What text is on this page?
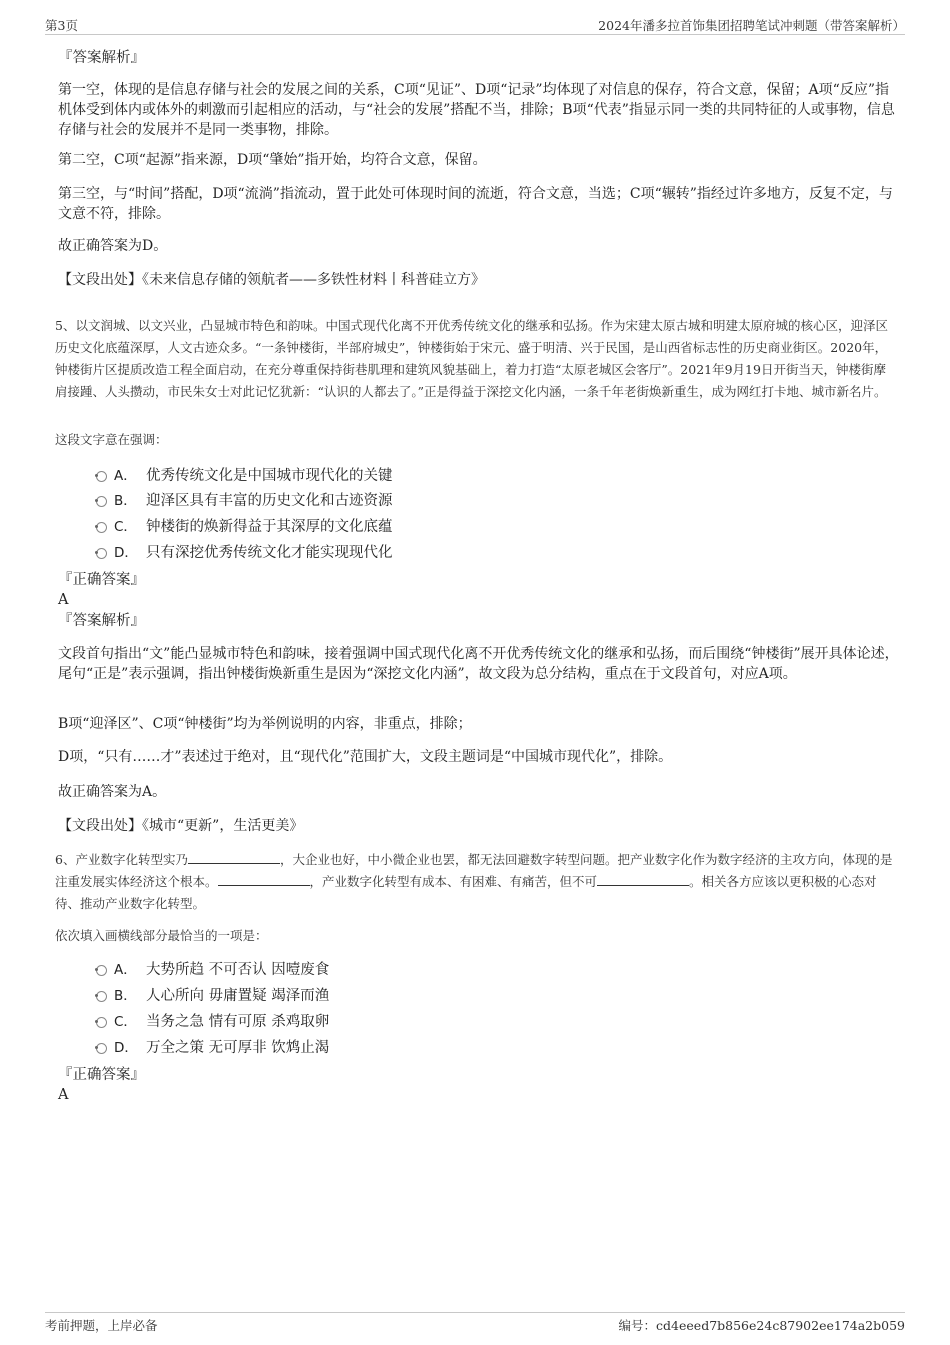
第3页	2024年潘多拉首饰集团招聘笔试冲刺题（带答案解析）

『答案解析』

第一空，体现的是信息存储与社会的发展之间的关系，C项“见证”、D项“记录”均体现了对信息的保存，符合文意，保留；A项“反应”指机体受到体内或体外的刺激而引起相应的活动，与“社会的发展”搭配不当，排除；B项“代表”指显示同一类的共同特征的人或事物，信息存储与社会的发展并不是同一类事物，排除。

第二空，C项“起源”指来源，D项“肇始”指开始，均符合文意，保留。

第三空，与“时间”搭配，D项“流淌”指流动，置于此处可体现时间的流逝，符合文意，当选；C项“辗转”指经过许多地方，反复不定，与文意不符，排除。

故正确答案为D。

【文段出处】《未来信息存储的领航者——多铁性材料丨科普硅立方》

5、以文润城、以文兴业，凸显城市特色和韵味。中国式现代化离不开优秀传统文化的继承和弘扬。作为宋建太原古城和明建太原府城的核心区，迎泽区历史文化底蕴深厚，人文古迹众多。“一条钟楼街，半部府城史”，钟楼街始于宋元、盛于明清、兴于民国，是山西省标志性的历史商业街区。2020年，钟楼街片区提质改造工程全面启动，在充分尊重保持街巷肌理和建筑风貌基础上，着力打造“太原老城区会客厅”。2021年9月19日开街当天，钟楼街摩肩接踵、人头攒动，市民朱女士对此记忆犹新：“认识的人都去了。”正是得益于深挖文化内涵，一条千年老街焕新重生，成为网红打卡地、城市新名片。

这段文字意在强调：

A． 优秀传统文化是中国城市现代化的关键
B． 迎泽区具有丰富的历史文化和古迹资源
C． 钟楼街的焕新得益于其深厚的文化底蕴
D． 只有深挖优秀传统文化才能实现现代化

『正确答案』

A

『答案解析』

文段首句指出“文”能凸显城市特色和韵味，接着强调中国式现代化离不开优秀传统文化的继承和弘扬，而后围绕“钟楼街”展开具体论述，尾句“正是”表示强调，指出钟楼街焕新重生是因为“深挖文化内涵”，故文段为总分结构，重点在于文段首句，对应A项。

B项“迎泽区”、C项“钟楼街”均为举例说明的内容，非重点，排除；

D项，“只有……才”表述过于绝对，且“现代化”范围扩大，文段主题词是“中国城市现代化”，排除。

故正确答案为A。

【文段出处】《城市“更新”，生活更美》

6、产业数字化转型实乃	，大企业也好，中小微企业也罢，都无法回避数字转型问题。把产业数字化作为数字经济的主攻方向，体现的是注重发展实体经济这个根本。	，产业数字化转型有成本、有困难、有痛苦，但不可	。相关各方应该以更积极的心态对待、推动产业数字化转型。

依次填入画横线部分最恰当的一项是：

A． 大势所趋 不可否认 因噎废食
B． 人心所向 毋庸置疑 竭泽而渔
C． 当务之急 情有可原 杀鸡取卵
D． 万全之策 无可厚非 饮鸩止渴

『正确答案』

A

考前押题，上岸必备	编号：cd4eeed7b856e24c87902ee174a2b059
